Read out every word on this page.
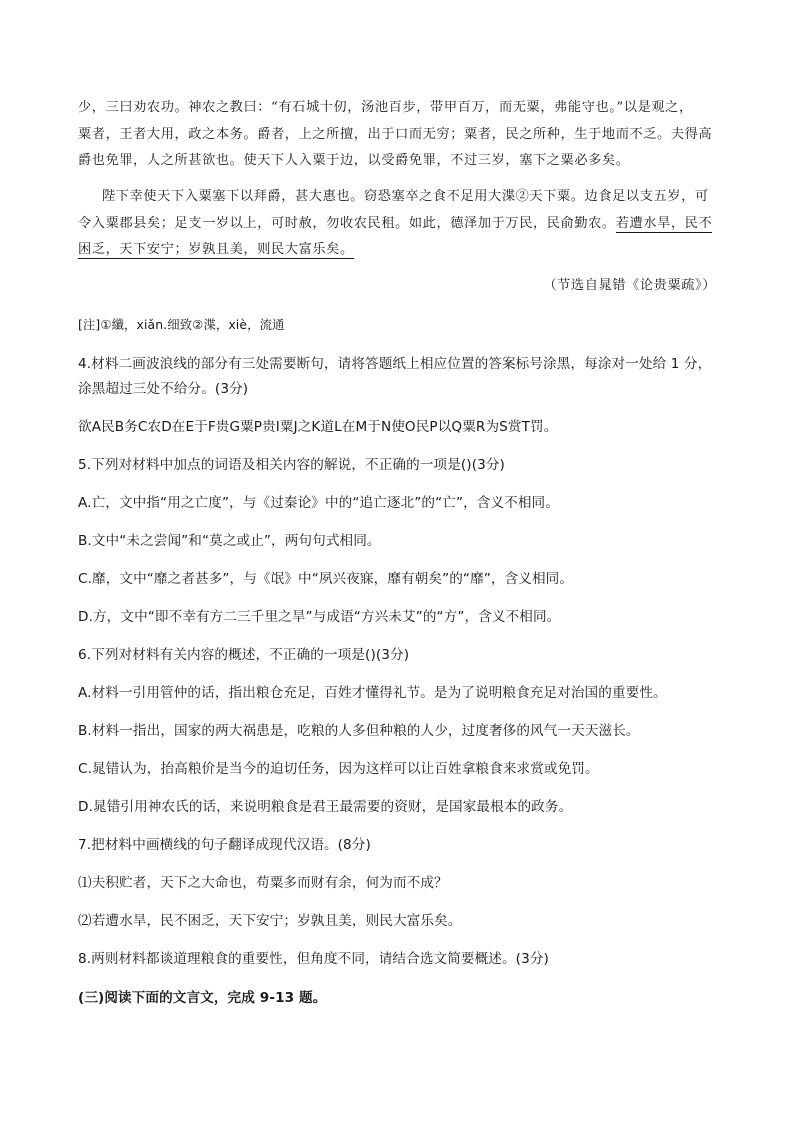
少，三曰劝农功。神农之教曰：“有石城十仞，汤池百步，带甲百万，而无粟，弗能守也。”以是观之，
粟者，王者大用，政之本务。爵者，上之所擅，出于口而无穷；粟者，民之所种，生于地而不乏。夫得高
爵也免罪，人之所甚欲也。使天下人入粟于边，以受爵免罪，不过三岁，塞下之粟必多矣。
陛下幸使天下入粟塞下以拜爵，甚大惠也。窃恐塞卒之食不足用大渫②天下粟。边食足以支五岁，可
令入粟郡县矣；足支一岁以上，可时赦，勿收农民租。如此，德泽加于万民，民俞勤农。若遭水旱，民不
困乏，天下安宁；岁孰且美，则民大富乐矣。
（节选自晁错《论贵粟疏》）
[注]①纖，xiǎn.细致②渫，xiè，流通
4.材料二画波浪线的部分有三处需要断句，请将答题纸上相应位置的答案标号涂黑，每涂对一处给 1 分，
涂黑超过三处不给分。(3分)
欲A民B务C农D在E于F贵G粟P贵I粟J之K道L在M于N使O民P以Q粟R为S赏T罚。
5.下列对材料中加点的词语及相关内容的解说，不正确的一项是()(3分)
A.亡，文中指“用之亡度”，与《过秦论》中的“追亡逐北”的“亡”，含义不相同。
B.文中“未之尝闻”和“莫之或止”，两句句式相同。
C.靡，文中“靡之者甚多”，与《氓》中“夙兴夜寐，靡有朝矣”的“靡”，含义相同。
D.方，文中“即不幸有方二三千里之旱”与成语“方兴未艾”的“方”，含义不相同。
6.下列对材料有关内容的概述，不正确的一项是()(3分)
A.材料一引用管仲的话，指出粮仓充足，百姓才懂得礼节。是为了说明粮食充足对治国的重要性。
B.材料一指出，国家的两大祸患是，吃粮的人多但种粮的人少，过度奢侈的风气一天天滋长。
C.晁错认为，抬高粮价是当今的迫切任务，因为这样可以让百姓拿粮食来求赏或免罚。
D.晁错引用神农氏的话，来说明粮食是君王最需要的资财，是国家最根本的政务。
7.把材料中画横线的句子翻译成现代汉语。(8分)
⑴夫积贮者，天下之大命也，苟粟多而财有余，何为而不成？
⑵若遭水旱，民不困乏，天下安宁；岁孰且美，则民大富乐矣。
8.两则材料都谈道理粮食的重要性，但角度不同，请结合选文简要概述。(3分)
(三)阅读下面的文言文，完成 9-13 题。
